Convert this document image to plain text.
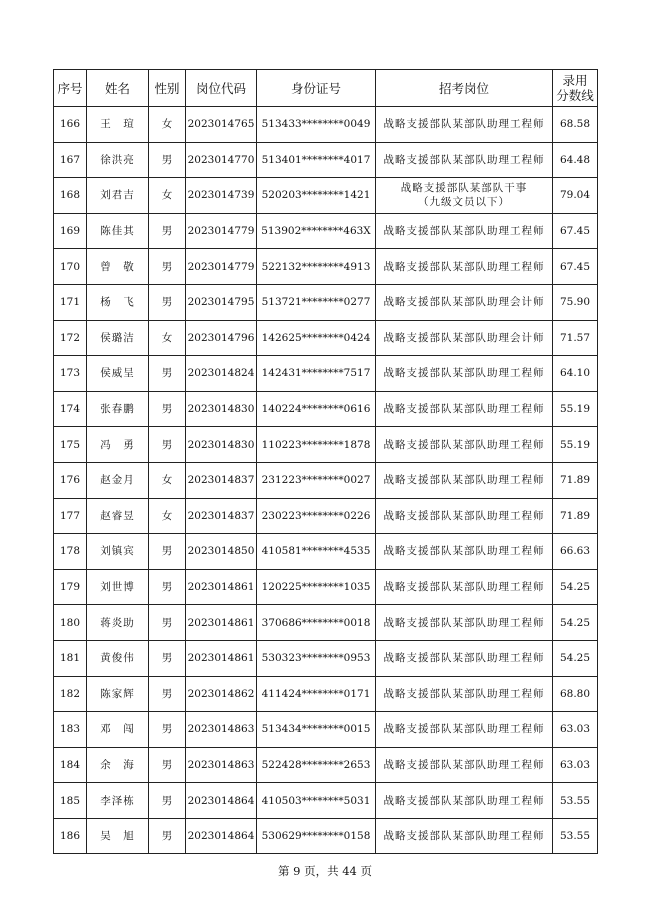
序号	姓名	性别	岗位代码	身份证号	招考岗位	录用
分数线

166	王　瑄	女	2023014765	513433********0049	战略支援部队某部队助理工程师	68.58
167	徐洪亮	男	2023014770	513401********4017	战略支援部队某部队助理工程师	64.48
168	刘君吉	女	2023014739	520203********1421	战略支援部队某部队干事
（九级文员以下）	79.04
169	陈佳其	男	2023014779	513902********463X	战略支援部队某部队助理工程师	67.45
170	曾　敬	男	2023014779	522132********4913	战略支援部队某部队助理工程师	67.45
171	杨　飞	男	2023014795	513721********0277	战略支援部队某部队助理会计师	75.90
172	侯璐洁	女	2023014796	142625********0424	战略支援部队某部队助理会计师	71.57
173	侯威呈	男	2023014824	142431********7517	战略支援部队某部队助理工程师	64.10
174	张春鹏	男	2023014830	140224********0616	战略支援部队某部队助理工程师	55.19
175	冯　勇	男	2023014830	110223********1878	战略支援部队某部队助理工程师	55.19
176	赵金月	女	2023014837	231223********0027	战略支援部队某部队助理工程师	71.89
177	赵睿昱	女	2023014837	230223********0226	战略支援部队某部队助理工程师	71.89
178	刘镇宾	男	2023014850	410581********4535	战略支援部队某部队助理工程师	66.63
179	刘世博	男	2023014861	120225********1035	战略支援部队某部队助理工程师	54.25
180	蒋炎助	男	2023014861	370686********0018	战略支援部队某部队助理工程师	54.25
181	黄俊伟	男	2023014861	530323********0953	战略支援部队某部队助理工程师	54.25
182	陈家辉	男	2023014862	411424********0171	战略支援部队某部队助理工程师	68.80
183	邓　闯	男	2023014863	513434********0015	战略支援部队某部队助理工程师	63.03
184	余　海	男	2023014863	522428********2653	战略支援部队某部队助理工程师	63.03
185	李泽栋	男	2023014864	410503********5031	战略支援部队某部队助理工程师	53.55
186	吴　旭	男	2023014864	530629********0158	战略支援部队某部队助理工程师	53.55
第 9 页，共 44 页
